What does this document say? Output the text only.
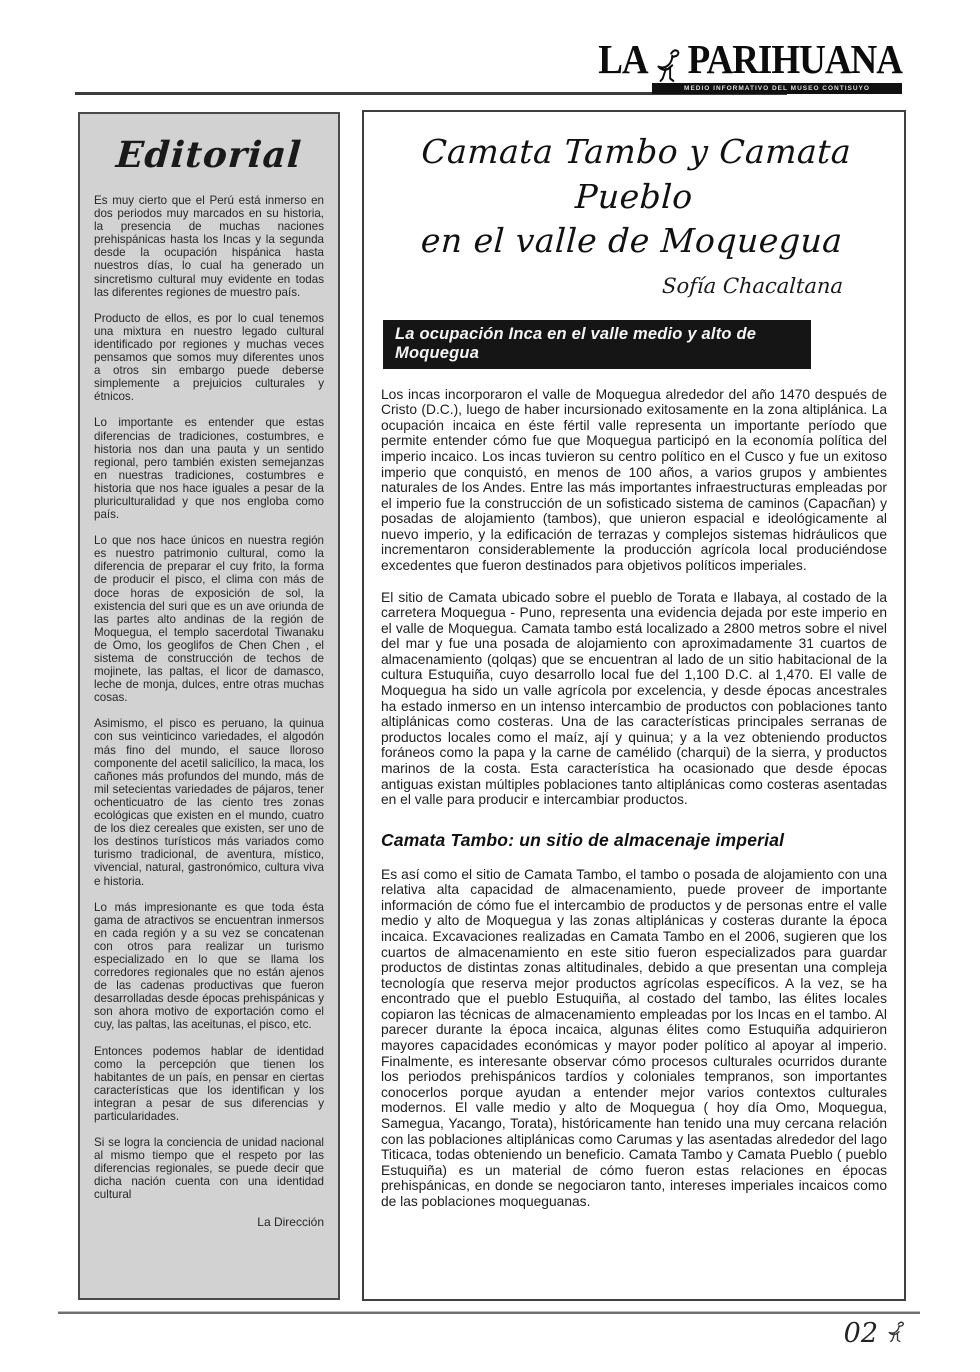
LA PARIHUANA
MEDIO INFORMATIVO DEL MUSEO CONTISUYO
Editorial

Es muy cierto que el Perú está inmerso en dos periodos muy marcados en su historia, la presencia de muchas naciones prehispánicas hasta los Incas y la segunda desde la ocupación hispánica hasta nuestros días, lo cual ha generado un sincretismo cultural muy evidente en todas las diferentes regiones de muestro país.

Producto de ellos, es por lo cual tenemos una mixtura en nuestro legado cultural identificado por regiones y muchas veces pensamos que somos muy diferentes unos a otros sin embargo puede deberse simplemente a prejuicios culturales y étnicos.

Lo importante es entender que estas diferencias de tradiciones, costumbres, e historia nos dan una pauta y un sentido regional, pero también existen semejanzas en nuestras tradiciones, costumbres e historia que nos hace iguales a pesar de la pluriculturalidad y que nos engloba como país.

Lo que nos hace únicos en nuestra región es nuestro patrimonio cultural, como la diferencia de preparar el cuy frito, la forma de producir el pisco, el clima con más de doce horas de exposición de sol, la existencia del suri que es un ave oriunda de las partes alto andinas de la región de Moquegua, el templo sacerdotal Tiwanaku de Omo, los geoglifos de Chen Chen , el sistema de construcción de techos de mojinete, las paltas, el licor de damasco, leche de monja, dulces, entre otras muchas cosas.

Asimismo, el pisco es peruano, la quinua con sus veinticinco variedades, el algodón más fino del mundo, el sauce lloroso componente del acetil salicílico, la maca, los cañones más profundos del mundo, más de mil setecientas variedades de pájaros, tener ochenticuatro de las ciento tres zonas ecológicas que existen en el mundo, cuatro de los diez cereales que existen, ser uno de los destinos turísticos más variados como turismo tradicional, de aventura, místico, vivencial, natural, gastronómico, cultura viva e historia.

Lo más impresionante es que toda ésta gama de atractivos se encuentran inmersos en cada región y a su vez se concatenan con otros para realizar un turismo especializado en lo que se llama los corredores regionales que no están ajenos de las cadenas productivas que fueron desarrolladas desde épocas prehispánicas y son ahora motivo de exportación como el cuy, las paltas, las aceitunas, el pisco, etc.

Entonces podemos hablar de identidad como la percepción que tienen los habitantes de un país, en pensar en ciertas características que los identifican y los integran a pesar de sus diferencias y particularidades.

Si se logra la conciencia de unidad nacional al mismo tiempo que el respeto por las diferencias regionales, se puede decir que dicha nación cuenta con una identidad cultural

La Dirección
Camata Tambo y Camata Pueblo
en el valle de Moquegua
Sofía Chacaltana
La ocupación Inca en el valle medio y alto de Moquegua

Los incas incorporaron el valle de Moquegua alrededor del año 1470 después de Cristo (D.C.), luego de haber incursionado exitosamente en la zona altiplánica. La ocupación incaica en éste fértil valle representa un importante período que permite entender cómo fue que Moquegua participó en la economía política del imperio incaico. Los incas tuvieron su centro político en el Cusco y fue un exitoso imperio que conquistó, en menos de 100 años, a varios grupos y ambientes naturales de los Andes. Entre las más importantes infraestructuras empleadas por el imperio fue la construcción de un sofisticado sistema de caminos (Capacñan) y posadas de alojamiento (tambos), que unieron espacial e ideológicamente al nuevo imperio, y la edificación de terrazas y complejos sistemas hidráulicos que incrementaron considerablemente la producción agrícola local produciéndose excedentes que fueron destinados para objetivos políticos imperiales.

El sitio de Camata ubicado sobre el pueblo de Torata e Ilabaya, al costado de la carretera Moquegua - Puno, representa una evidencia dejada por este imperio en el valle de Moquegua. Camata tambo está localizado a 2800 metros sobre el nivel del mar y fue una posada de alojamiento con aproximadamente 31 cuartos de almacenamiento (qolqas) que se encuentran al lado de un sitio habitacional de la cultura Estuquiña, cuyo desarrollo local fue del 1,100 D.C. al 1,470. El valle de Moquegua ha sido un valle agrícola por excelencia, y desde épocas ancestrales ha estado inmerso en un intenso intercambio de productos con poblaciones tanto altiplánicas como costeras. Una de las características principales serranas de productos locales como el maíz, ají y quinua; y a la vez obteniendo productos foráneos como la papa y la carne de camélido (charqui) de la sierra, y productos marinos de la costa. Esta característica ha ocasionado que desde épocas antiguas existan múltiples poblaciones tanto altiplánicas como costeras asentadas en el valle para producir e intercambiar productos.

Camata Tambo: un sitio de almacenaje imperial

Es así como el sitio de Camata Tambo, el tambo o posada de alojamiento con una relativa alta capacidad de almacenamiento, puede proveer de importante información de cómo fue el intercambio de productos y de personas entre el valle medio y alto de Moquegua y las zonas altiplánicas y costeras durante la época incaica. Excavaciones realizadas en Camata Tambo en el 2006, sugieren que los cuartos de almacenamiento en este sitio fueron especializados para guardar productos de distintas zonas altitudinales, debido a que presentan una compleja tecnología que reserva mejor productos agrícolas específicos. A la vez, se ha encontrado que el pueblo Estuquiña, al costado del tambo, las élites locales copiaron las técnicas de almacenamiento empleadas por los Incas en el tambo. Al parecer durante la época incaica, algunas élites como Estuquiña adquirieron mayores capacidades económicas y mayor poder político al apoyar al imperio. Finalmente, es interesante observar cómo procesos culturales ocurridos durante los periodos prehispánicos tardíos y coloniales tempranos, son importantes conocerlos porque ayudan a entender mejor varios contextos culturales modernos. El valle medio y alto de Moquegua ( hoy día Omo, Moquegua, Samegua, Yacango, Torata), históricamente han tenido una muy cercana relación con las poblaciones altiplánicas como Carumas y las asentadas alrededor del lago Titicaca, todas obteniendo un beneficio. Camata Tambo y Camata Pueblo ( pueblo Estuquiña) es un material de cómo fueron estas relaciones en épocas prehispánicas, en donde se negociaron tanto, intereses imperiales incaicos como de las poblaciones moqueguanas.

02
